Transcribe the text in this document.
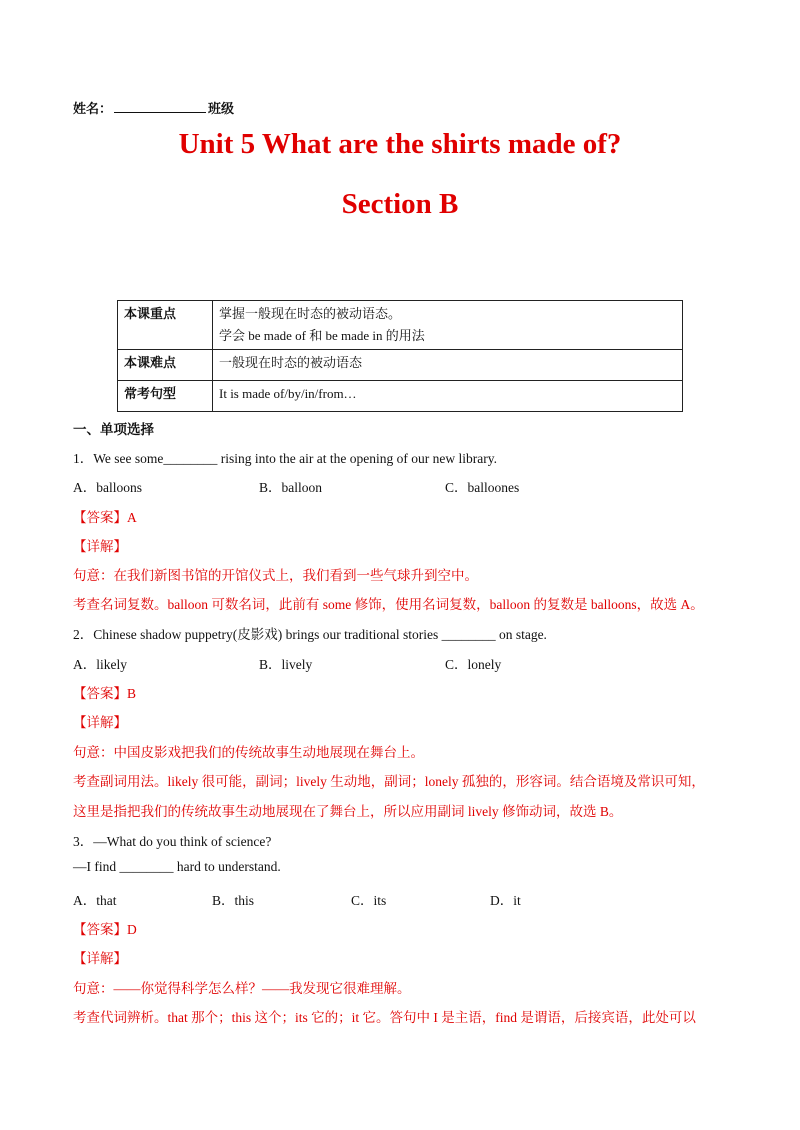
姓名：	班级
Unit 5 What are the shirts made of?
Section B
本课重点	掌握一般现在时态的被动语态。
学会 be made of 和 be made in 的用法

本课难点	一般现在时态的被动语态

常考句型	It is made of/by/in/from…
一、单项选择
1．We see some________ rising into the air at the opening of our new library.
A．balloons	B．balloon	C．balloones
【答案】A
【详解】
句意：在我们新图书馆的开馆仪式上，我们看到一些气球升到空中。
考查名词复数。balloon 可数名词，此前有 some 修饰，使用名词复数，balloon 的复数是 balloons，故选 A。
2．Chinese shadow puppetry(皮影戏) brings our traditional stories ________ on stage.
A．likely	B．lively	C．lonely
【答案】B
【详解】
句意：中国皮影戏把我们的传统故事生动地展现在舞台上。
考查副词用法。likely 很可能，副词；lively 生动地，副词；lonely 孤独的，形容词。结合语境及常识可知，
这里是指把我们的传统故事生动地展现在了舞台上，所以应用副词 lively 修饰动词，故选 B。
3．—What do you think of science?
—I find ________ hard to understand.
A．that	B．this	C．its	D．it
【答案】D
【详解】
句意：——你觉得科学怎么样？——我发现它很难理解。
考查代词辨析。that 那个；this 这个；its 它的；it 它。答句中 I 是主语，find 是谓语，后接宾语，此处可以
